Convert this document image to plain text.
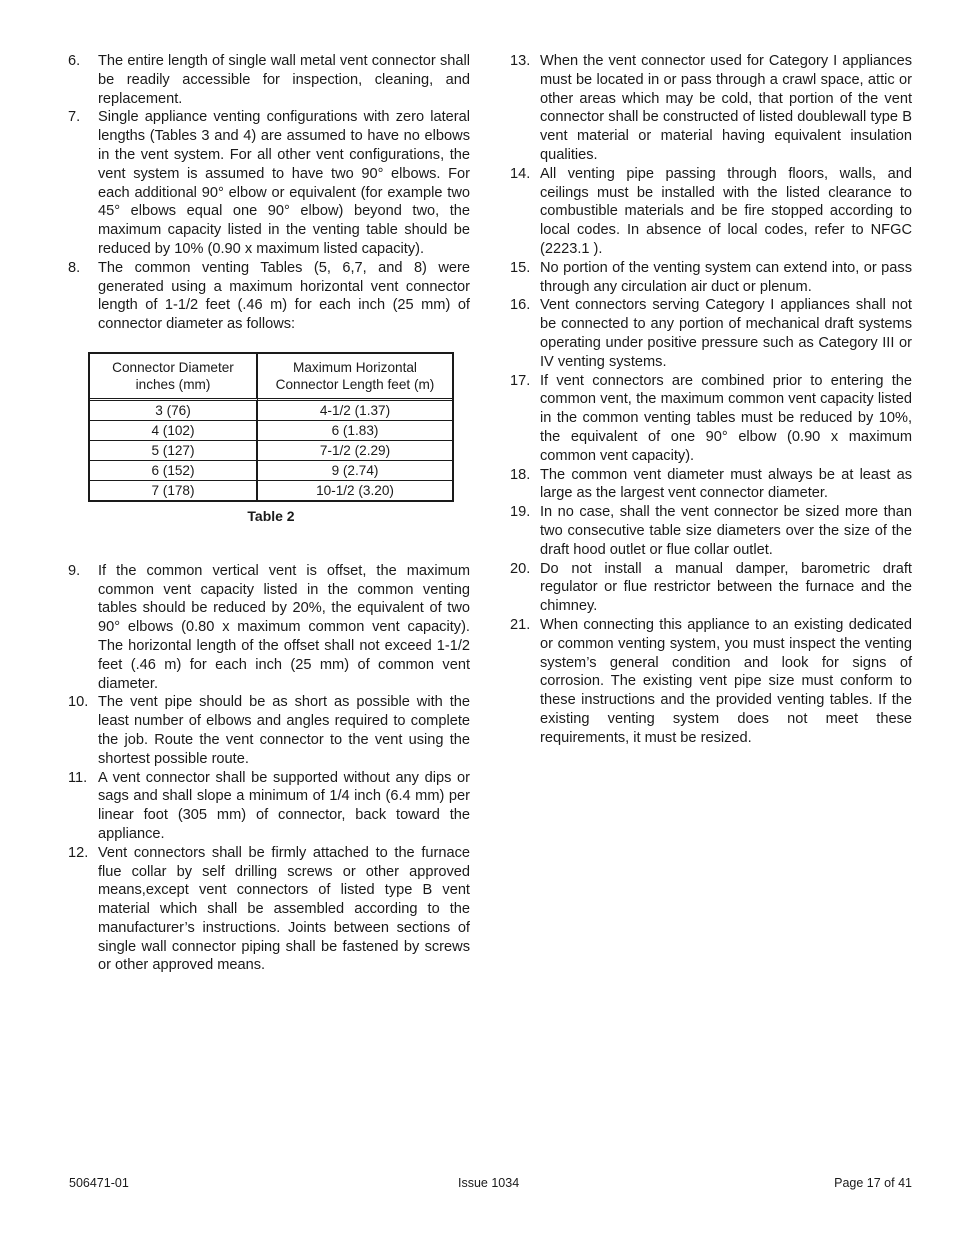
6. The entire length of single wall metal vent connector shall be readily accessible for inspection, cleaning, and replacement.
7. Single appliance venting configurations with zero lateral lengths (Tables 3 and 4) are assumed to have no elbows in the vent system. For all other vent configurations, the vent system is assumed to have two 90° elbows. For each additional 90° elbow or equivalent (for example two 45° elbows equal one 90° elbow) beyond two, the maximum capacity listed in the venting table should be reduced by 10% (0.90 x maximum listed capacity).
8. The common venting Tables (5, 6,7, and 8) were generated using a maximum horizontal vent connector length of 1-1/2 feet (.46 m) for each inch (25 mm) of connector diameter as follows:
Connector Diameter inches (mm)	Maximum Horizontal Connector Length feet (m)
3 (76)	4-1/2 (1.37)
4 (102)	6 (1.83)
5 (127)	7-1/2 (2.29)
6 (152)	9 (2.74)
7 (178)	10-1/2 (3.20)
Table 2
9. If the common vertical vent is offset, the maximum common vent capacity listed in the common venting tables should be reduced by 20%, the equivalent of two 90° elbows (0.80 x maximum common vent capacity). The horizontal length of the offset shall not exceed 1-1/2 feet (.46 m) for each inch (25 mm) of common vent diameter.
10. The vent pipe should be as short as possible with the least number of elbows and angles required to complete the job. Route the vent connector to the vent using the shortest possible route.
11. A vent connector shall be supported without any dips or sags and shall slope a minimum of 1/4 inch (6.4 mm) per linear foot (305 mm) of connector, back toward the appliance.
12. Vent connectors shall be firmly attached to the furnace flue collar by self drilling screws or other approved means,except vent connectors of listed type B vent material which shall be assembled according to the manufacturer’s instructions. Joints between sections of single wall connector piping shall be fastened by screws or other approved means.
13. When the vent connector used for Category I appliances must be located in or pass through a crawl space, attic or other areas which may be cold, that portion of the vent connector shall be constructed of listed doublewall type B vent material or material having equivalent insulation qualities.
14. All venting pipe passing through floors, walls, and ceilings must be installed with the listed clearance to combustible materials and be fire stopped according to local codes. In absence of local codes, refer to NFGC (2223.1 ).
15. No portion of the venting system can extend into, or pass through any circulation air duct or plenum.
16. Vent connectors serving Category I appliances shall not be connected to any portion of mechanical draft systems operating under positive pressure such as Category III or IV venting systems.
17. If vent connectors are combined prior to entering the common vent, the maximum common vent capacity listed in the common venting tables must be reduced by 10%, the equivalent of one 90° elbow (0.90 x maximum common vent capacity).
18. The common vent diameter must always be at least as large as the largest vent connector diameter.
19. In no case, shall the vent connector be sized more than two consecutive table size diameters over the size of the draft hood outlet or flue collar outlet.
20. Do not install a manual damper, barometric draft regulator or flue restrictor between the furnace and the chimney.
21. When connecting this appliance to an existing dedicated or common venting system, you must inspect the venting system’s general condition and look for signs of corrosion. The existing vent pipe size must conform to these instructions and the provided venting tables. If the existing venting system does not meet these requirements, it must be resized.
506471-01	Issue 1034	Page 17 of 41
